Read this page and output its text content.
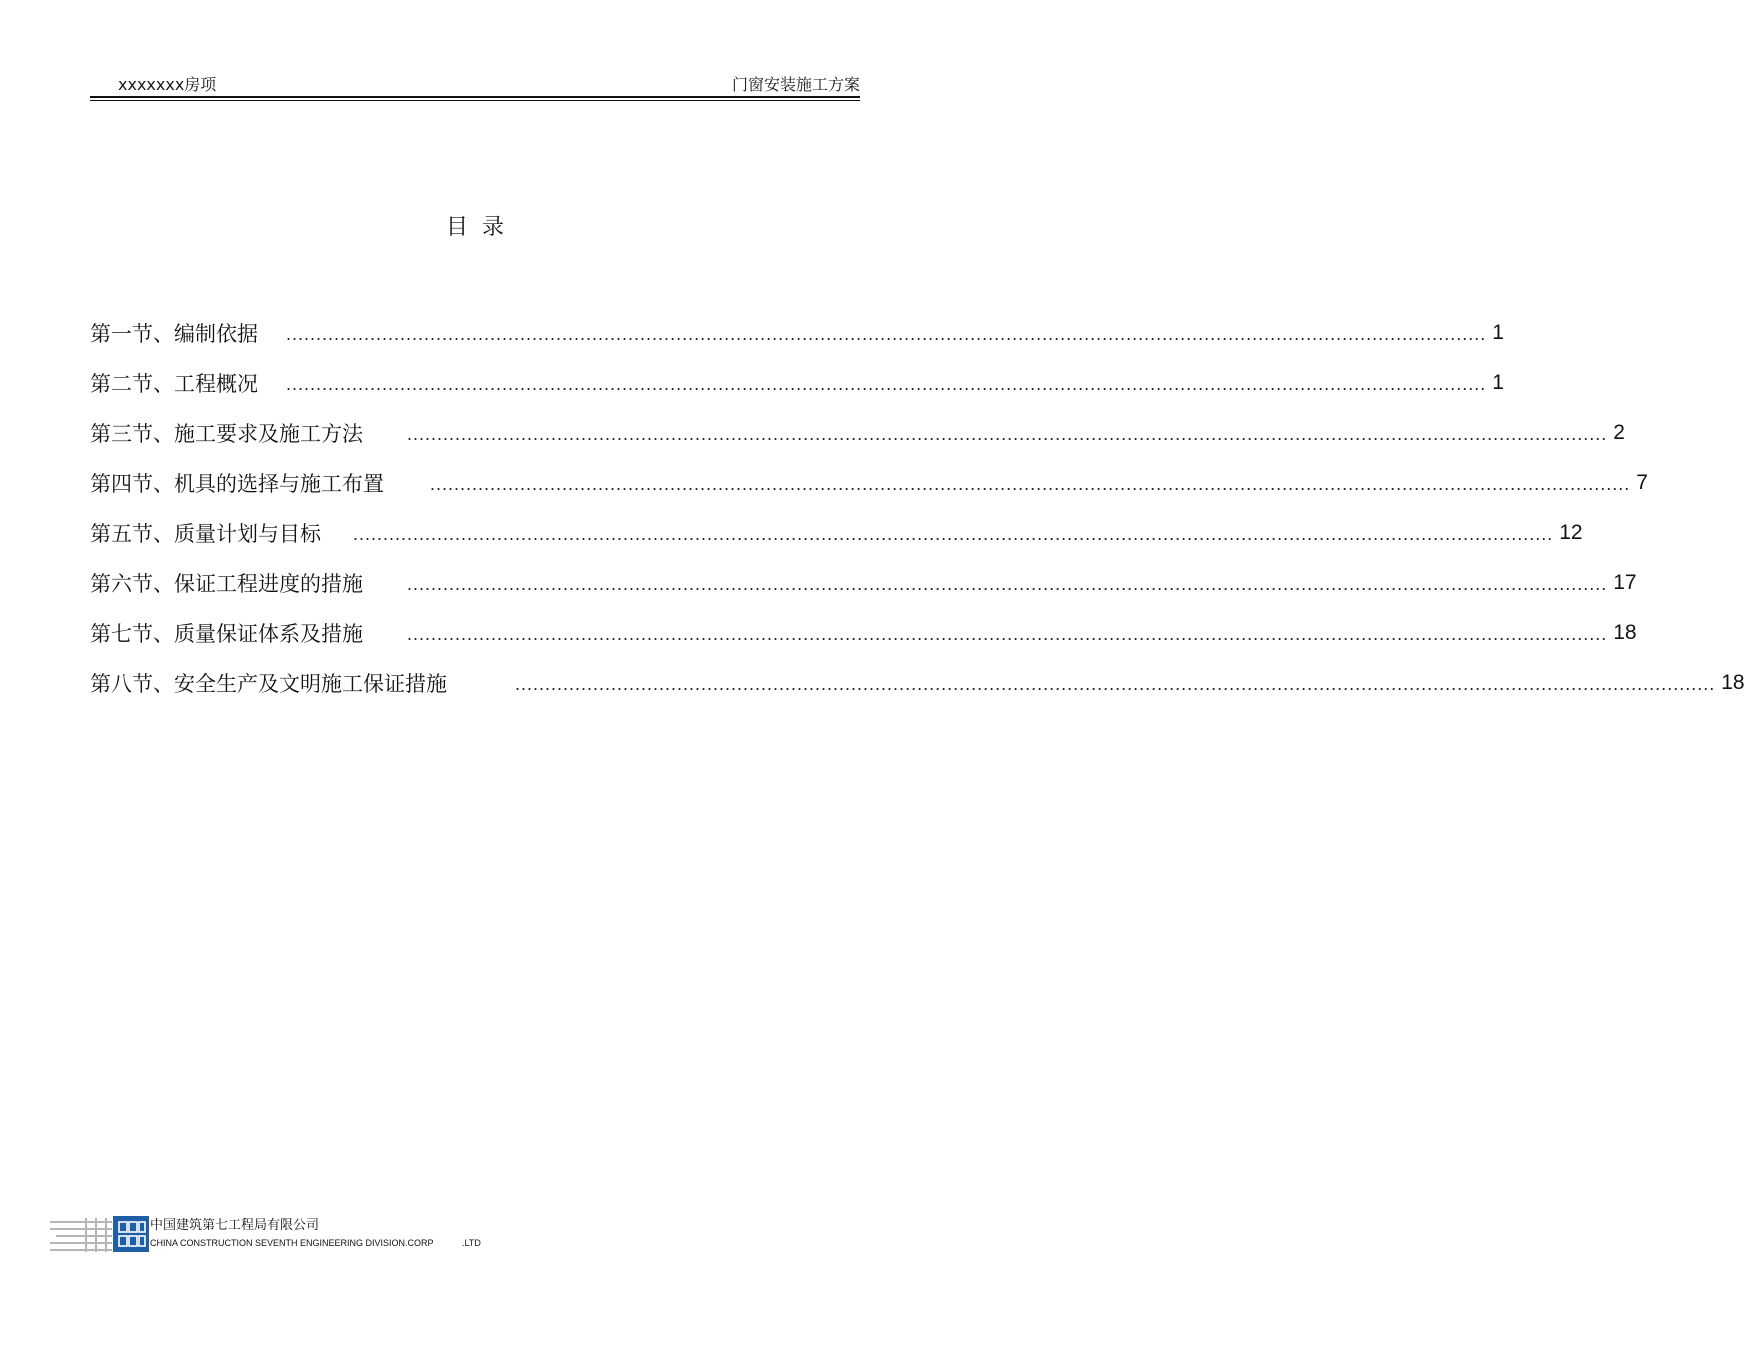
xxxxxxx房项	门窗安装施工方案
目录
第一节、编制依据 ........................................................................................................................................................................................................ 1
第二节、工程概况 ........................................................................................................................................................................................................ 1
第三节、施工要求及施工方法 ........................................................................................................................................................................................................ 2
第四节、机具的选择与施工布置	........................................................................................................................................................................................................ 7
第五节、质量计划与目标 ........................................................................................................................................................................................................ 12
第六节、保证工程进度的措施 ........................................................................................................................................................................................................ 17
第七节、质量保证体系及措施 ........................................................................................................................................................................................................ 18
第八节、安全生产及文明施工保证措施	........................................................................................................................................................................................................ 18
中国建筑第七工程局有限公司
CHINA CONSTRUCTION SEVENTH ENGINEERING DIVISION.CORP	.LTD
